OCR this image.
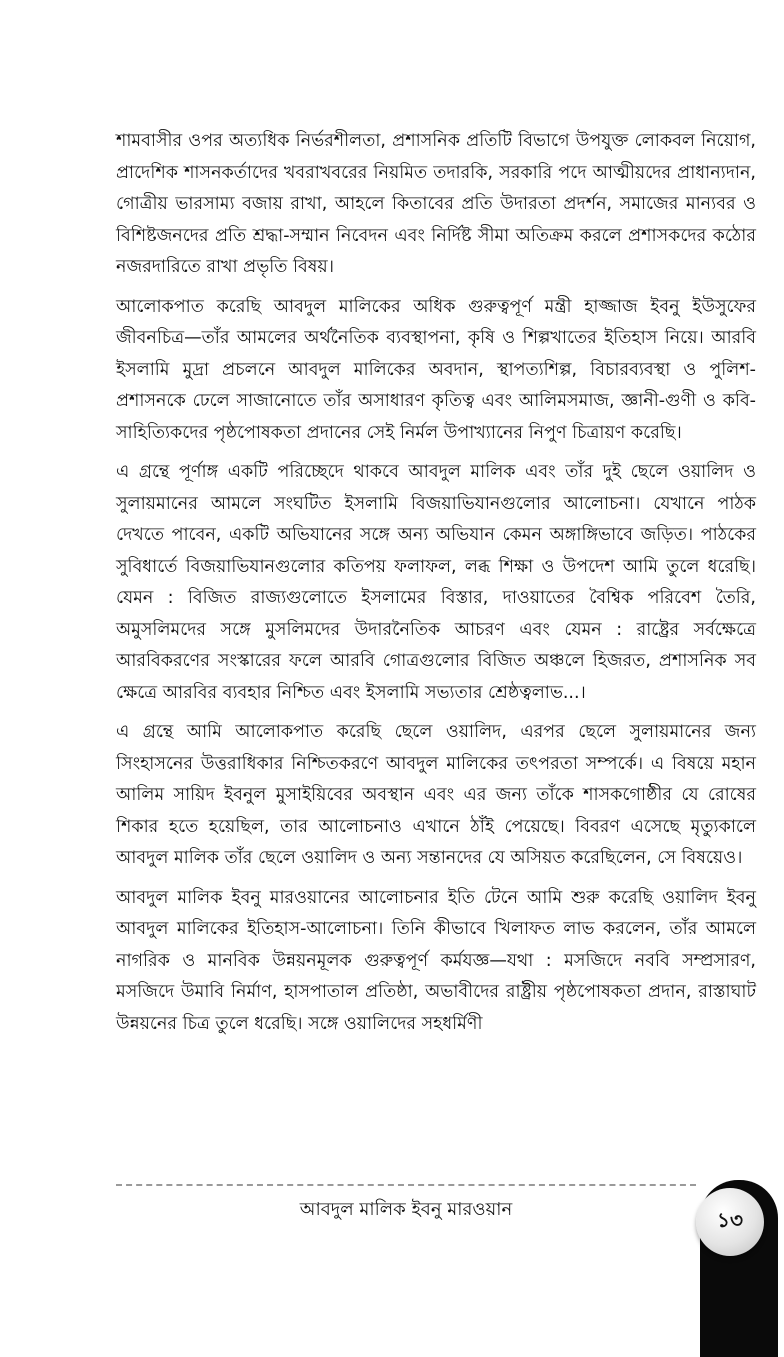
শামবাসীর ওপর অত্যধিক নির্ভরশীলতা, প্রশাসনিক প্রতিটি বিভাগে উপযুক্ত লোকবল নিয়োগ, প্রাদেশিক শাসনকর্তাদের খবরাখবরের নিয়মিত তদারকি, সরকারি পদে আত্মীয়দের প্রাধান্যদান, গোত্রীয় ভারসাম্য বজায় রাখা, আহলে কিতাবের প্রতি উদারতা প্রদর্শন, সমাজের মান্যবর ও বিশিষ্টজনদের প্রতি শ্রদ্ধা-সম্মান নিবেদন এবং নির্দিষ্ট সীমা অতিক্রম করলে প্রশাসকদের কঠোর নজরদারিতে রাখা প্রভৃতি বিষয়।

আলোকপাত করেছি আবদুল মালিকের অধিক গুরুত্বপূর্ণ মন্ত্রী হাজ্জাজ ইবনু ইউসুফের জীবনচিত্র—তাঁর আমলের অর্থনৈতিক ব্যবস্থাপনা, কৃষি ও শিল্পখাতের ইতিহাস নিয়ে। আরবি ইসলামি মুদ্রা প্রচলনে আবদুল মালিকের অবদান, স্থাপত্যশিল্প, বিচারব্যবস্থা ও পুলিশ-প্রশাসনকে ঢেলে সাজানোতে তাঁর অসাধারণ কৃতিত্ব এবং আলিমসমাজ, জ্ঞানী-গুণী ও কবি-সাহিত্যিকদের পৃষ্ঠপোষকতা প্রদানের সেই নির্মল উপাখ্যানের নিপুণ চিত্রায়ণ করেছি।

এ গ্রন্থে পূর্ণাঙ্গ একটি পরিচ্ছেদে থাকবে আবদুল মালিক এবং তাঁর দুই ছেলে ওয়ালিদ ও সুলায়মানের আমলে সংঘটিত ইসলামি বিজয়াভিযানগুলোর আলোচনা। যেখানে পাঠক দেখতে পাবেন, একটি অভিযানের সঙ্গে অন্য অভিযান কেমন অঙ্গাঙ্গিভাবে জড়িত। পাঠকের সুবিধার্তে বিজয়াভিযানগুলোর কতিপয় ফলাফল, লব্ধ শিক্ষা ও উপদেশ আমি তুলে ধরেছি। যেমন : বিজিত রাজ্যগুলোতে ইসলামের বিস্তার, দাওয়াতের বৈশ্বিক পরিবেশ তৈরি, অমুসলিমদের সঙ্গে মুসলিমদের উদারনৈতিক আচরণ এবং যেমন : রাষ্ট্রের সর্বক্ষেত্রে আরবিকরণের সংস্কারের ফলে আরবি গোত্রগুলোর বিজিত অঞ্চলে হিজরত, প্রশাসনিক সব ক্ষেত্রে আরবির ব্যবহার নিশ্চিত এবং ইসলামি সভ্যতার শ্রেষ্ঠত্বলাভ...।

এ গ্রন্থে আমি আলোকপাত করেছি ছেলে ওয়ালিদ, এরপর ছেলে সুলায়মানের জন্য সিংহাসনের উত্তরাধিকার নিশ্চিতকরণে আবদুল মালিকের তৎপরতা সম্পর্কে। এ বিষয়ে মহান আলিম সায়িদ ইবনুল মুসাইয়িবের অবস্থান এবং এর জন্য তাঁকে শাসকগোষ্ঠীর যে রোষের শিকার হতে হয়েছিল, তার আলোচনাও এখানে ঠাঁই পেয়েছে। বিবরণ এসেছে মৃত্যুকালে আবদুল মালিক তাঁর ছেলে ওয়ালিদ ও অন্য সন্তানদের যে অসিয়ত করেছিলেন, সে বিষয়েও।

আবদুল মালিক ইবনু মারওয়ানের আলোচনার ইতি টেনে আমি শুরু করেছি ওয়ালিদ ইবনু আবদুল মালিকের ইতিহাস-আলোচনা। তিনি কীভাবে খিলাফত লাভ করলেন, তাঁর আমলে নাগরিক ও মানবিক উন্নয়নমূলক গুরুত্বপূর্ণ কর্মযজ্ঞ—যথা : মসজিদে নববি সম্প্রসারণ, মসজিদে উমাবি নির্মাণ, হাসপাতাল প্রতিষ্ঠা, অভাবীদের রাষ্ট্রীয় পৃষ্ঠপোষকতা প্রদান, রাস্তাঘাট উন্নয়নের চিত্র তুলে ধরেছি। সঙ্গে ওয়ালিদের সহধর্মিণী

আবদুল মালিক ইবনু মারওয়ান	১৩
